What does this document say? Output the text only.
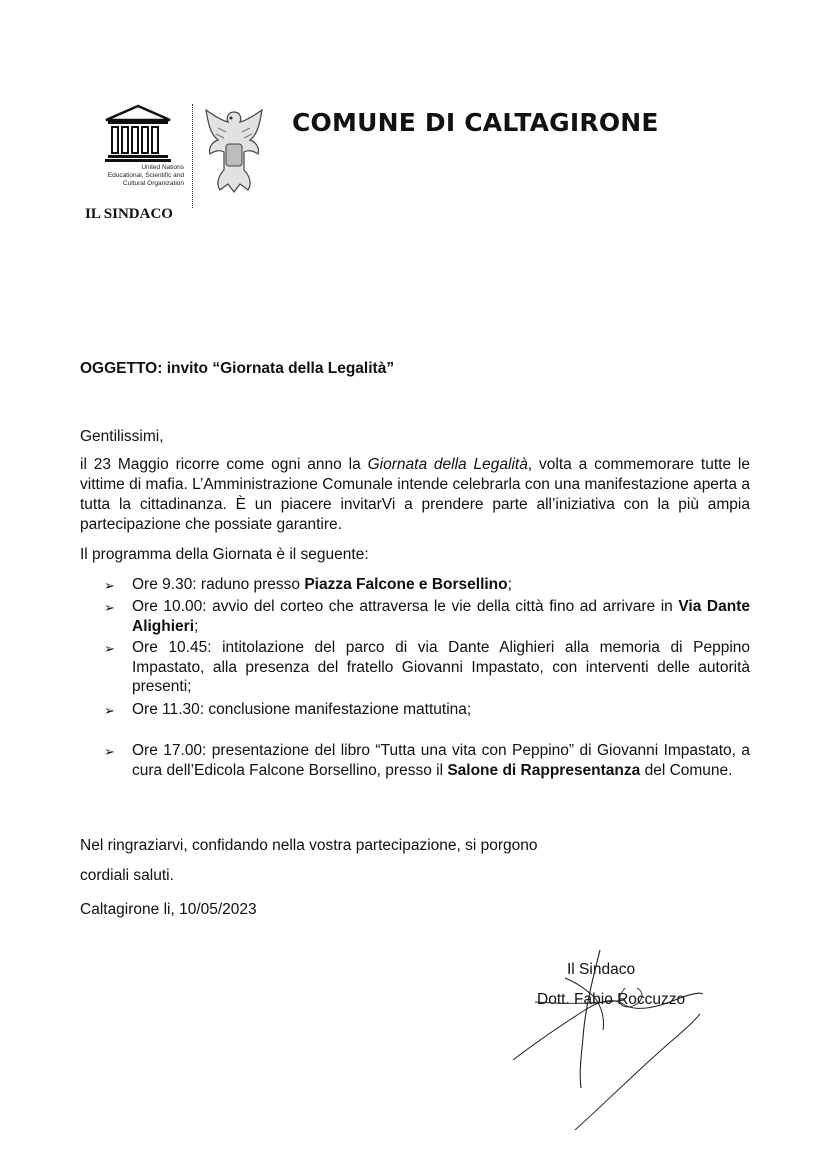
United Nations
Educational, Scientific and
Cultural Organization
COMUNE DI CALTAGIRONE
IL SINDACO
OGGETTO: invito “Giornata della Legalità”
Gentilissimi,
il 23 Maggio ricorre come ogni anno la Giornata della Legalità, volta a commemorare tutte le vittime di mafia. L’Amministrazione Comunale intende celebrarla con una manifestazione aperta a tutta la cittadinanza. È un piacere invitarVi a prendere parte all’iniziativa con la più ampia partecipazione che possiate garantire.
Il programma della Giornata è il seguente:
➢ Ore 9.30: raduno presso Piazza Falcone e Borsellino;
➢ Ore 10.00: avvio del corteo che attraversa le vie della città fino ad arrivare in Via Dante Alighieri;
➢ Ore 10.45: intitolazione del parco di via Dante Alighieri alla memoria di Peppino Impastato, alla presenza del fratello Giovanni Impastato, con interventi delle autorità presenti;
➢ Ore 11.30: conclusione manifestazione mattutina;
➢ Ore 17.00: presentazione del libro “Tutta una vita con Peppino” di Giovanni Impastato, a cura dell’Edicola Falcone Borsellino, presso il Salone di Rappresentanza del Comune.
Nel ringraziarvi, confidando nella vostra partecipazione, si porgono
cordiali saluti.
Caltagirone li, 10/05/2023
Il Sindaco
Dott. Fabio Roccuzzo
